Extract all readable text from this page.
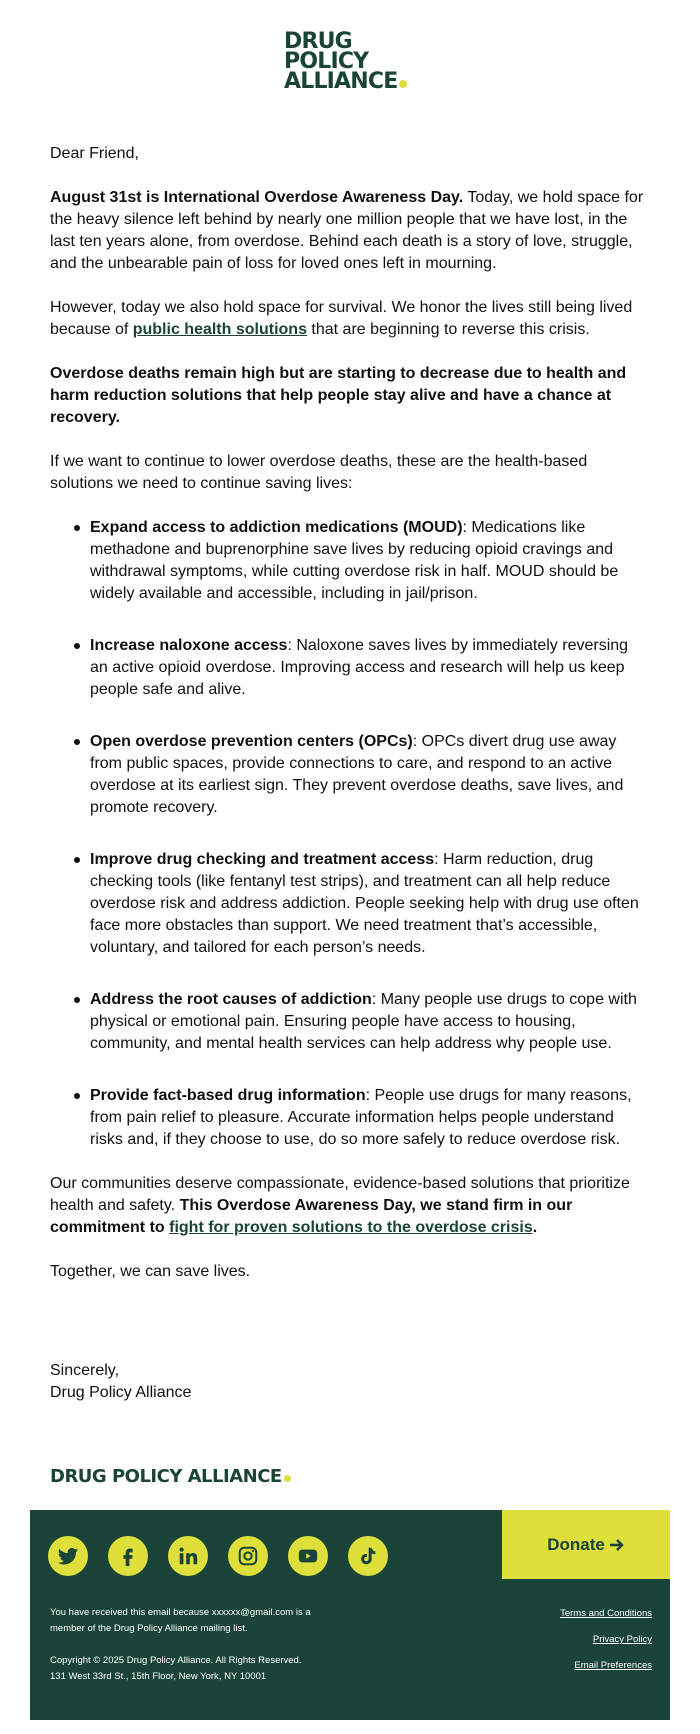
DRUG
POLICY
ALLIANCE

Dear Friend,

August 31st is International Overdose Awareness Day. Today, we hold space for the heavy silence left behind by nearly one million people that we have lost, in the last ten years alone, from overdose. Behind each death is a story of love, struggle, and the unbearable pain of loss for loved ones left in mourning.

However, today we also hold space for survival. We honor the lives still being lived because of public health solutions that are beginning to reverse this crisis.

Overdose deaths remain high but are starting to decrease due to health and harm reduction solutions that help people stay alive and have a chance at recovery.

If we want to continue to lower overdose deaths, these are the health-based solutions we need to continue saving lives:

Expand access to addiction medications (MOUD): Medications like methadone and buprenorphine save lives by reducing opioid cravings and withdrawal symptoms, while cutting overdose risk in half. MOUD should be widely available and accessible, including in jail/prison.
Increase naloxone access: Naloxone saves lives by immediately reversing an active opioid overdose. Improving access and research will help us keep people safe and alive.
Open overdose prevention centers (OPCs): OPCs divert drug use away from public spaces, provide connections to care, and respond to an active overdose at its earliest sign. They prevent overdose deaths, save lives, and promote recovery.
Improve drug checking and treatment access: Harm reduction, drug checking tools (like fentanyl test strips), and treatment can all help reduce overdose risk and address addiction. People seeking help with drug use often face more obstacles than support. We need treatment that’s accessible, voluntary, and tailored for each person’s needs.
Address the root causes of addiction: Many people use drugs to cope with physical or emotional pain. Ensuring people have access to housing, community, and mental health services can help address why people use.
Provide fact-based drug information: People use drugs for many reasons, from pain relief to pleasure. Accurate information helps people understand risks and, if they choose to use, do so more safely to reduce overdose risk.

Our communities deserve compassionate, evidence-based solutions that prioritize health and safety. This Overdose Awareness Day, we stand firm in our commitment to fight for proven solutions to the overdose crisis.

Together, we can save lives.

Sincerely,
Drug Policy Alliance
DRUG POLICY ALLIANCE
Donate
You have received this email because xxxxxx@gmail.com is a member of the Drug Policy Alliance mailing list.
Copyright © 2025 Drug Policy Alliance. All Rights Reserved.
131 West 33rd St., 15th Floor, New York, NY 10001
Terms and Conditions
Privacy Policy
Email Preferences
